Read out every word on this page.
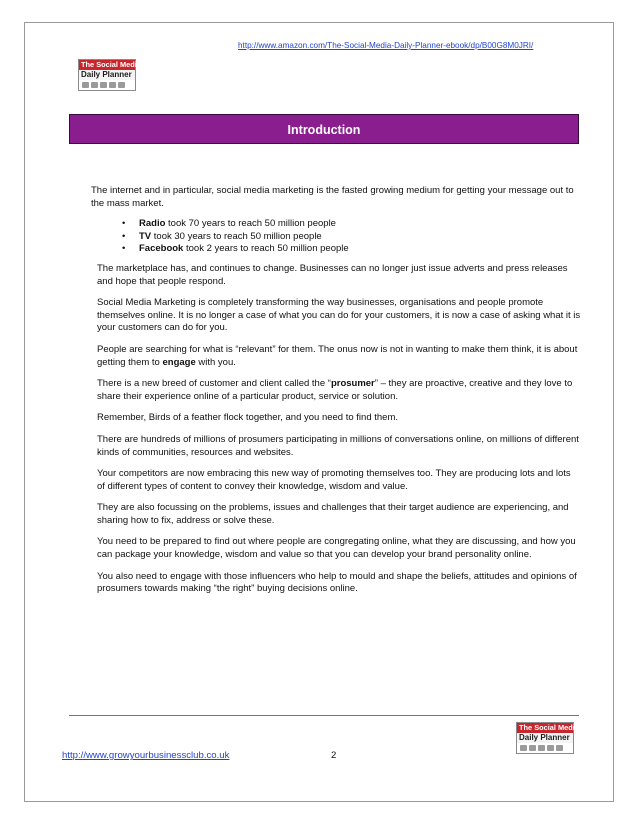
http://www.amazon.com/The-Social-Media-Daily-Planner-ebook/dp/B00G8M0JRI/
The Social Media
Daily Planner
Introduction

The internet and in particular, social media marketing is the fasted growing medium for getting your message out to the mass market.

• Radio took 70 years to reach 50 million people
• TV took 30 years to reach 50 million people
• Facebook took 2 years to reach 50 million people

The marketplace has, and continues to change. Businesses can no longer just issue adverts and press releases and hope that people respond.

Social Media Marketing is completely transforming the way businesses, organisations and people promote themselves online. It is no longer a case of what you can do for your customers, it is now a case of asking what it is your customers can do for you.

People are searching for what is “relevant” for them. The onus now is not in wanting to make them think, it is about getting them to engage with you.

There is a new breed of customer and client called the “prosumer” – they are proactive, creative and they love to share their experience online of a particular product, service or solution.

Remember, Birds of a feather flock together, and you need to find them.

There are hundreds of millions of prosumers participating in millions of conversations online, on millions of different kinds of communities, resources and websites.

Your competitors are now embracing this new way of promoting themselves too. They are producing lots and lots of different types of content to convey their knowledge, wisdom and value.

They are also focussing on the problems, issues and challenges that their target audience are experiencing, and sharing how to fix, address or solve these.

You need to be prepared to find out where people are congregating online, what they are discussing, and how you can package your knowledge, wisdom and value so that you can develop your brand personality online.

You also need to engage with those influencers who help to mould and shape the beliefs, attitudes and opinions of prosumers towards making “the right” buying decisions online.

The Social Media
Daily Planner
http://www.growyourbusinessclub.co.uk	2
